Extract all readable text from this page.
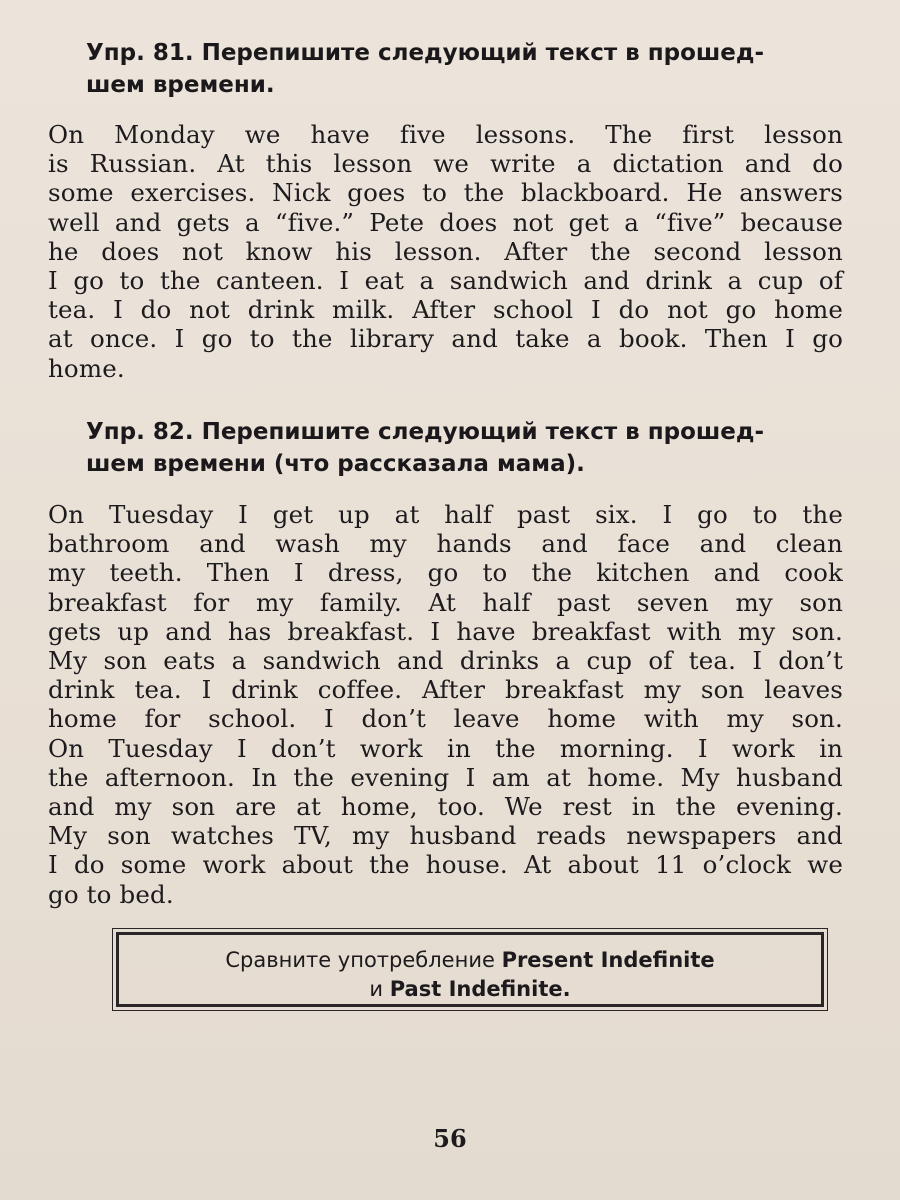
Упр. 81. Перепишите следующий текст в прошед-
шем времени.
On Monday we have five lessons. The first lesson
is Russian. At this lesson we write a dictation and do
some exercises. Nick goes to the blackboard. He answers
well and gets a “five.” Pete does not get a “five” because
he does not know his lesson. After the second lesson
I go to the canteen. I eat a sandwich and drink a cup of
tea. I do not drink milk. After school I do not go home
at once. I go to the library and take a book. Then I go
home.
Упр. 82. Перепишите следующий текст в прошед-
шем времени (что рассказала мама).
On Tuesday I get up at half past six. I go to the
bathroom and wash my hands and face and clean
my teeth. Then I dress, go to the kitchen and cook
breakfast for my family. At half past seven my son
gets up and has breakfast. I have breakfast with my son.
My son eats a sandwich and drinks a cup of tea. I don’t
drink tea. I drink coffee. After breakfast my son leaves
home for school. I don’t leave home with my son.
On Tuesday I don’t work in the morning. I work in
the afternoon. In the evening I am at home. My husband
and my son are at home, too. We rest in the evening.
My son watches TV, my husband reads newspapers and
I do some work about the house. At about 11 o’clock we
go to bed.
Сравните употребление Present Indefinite
и Past Indefinite.
56
